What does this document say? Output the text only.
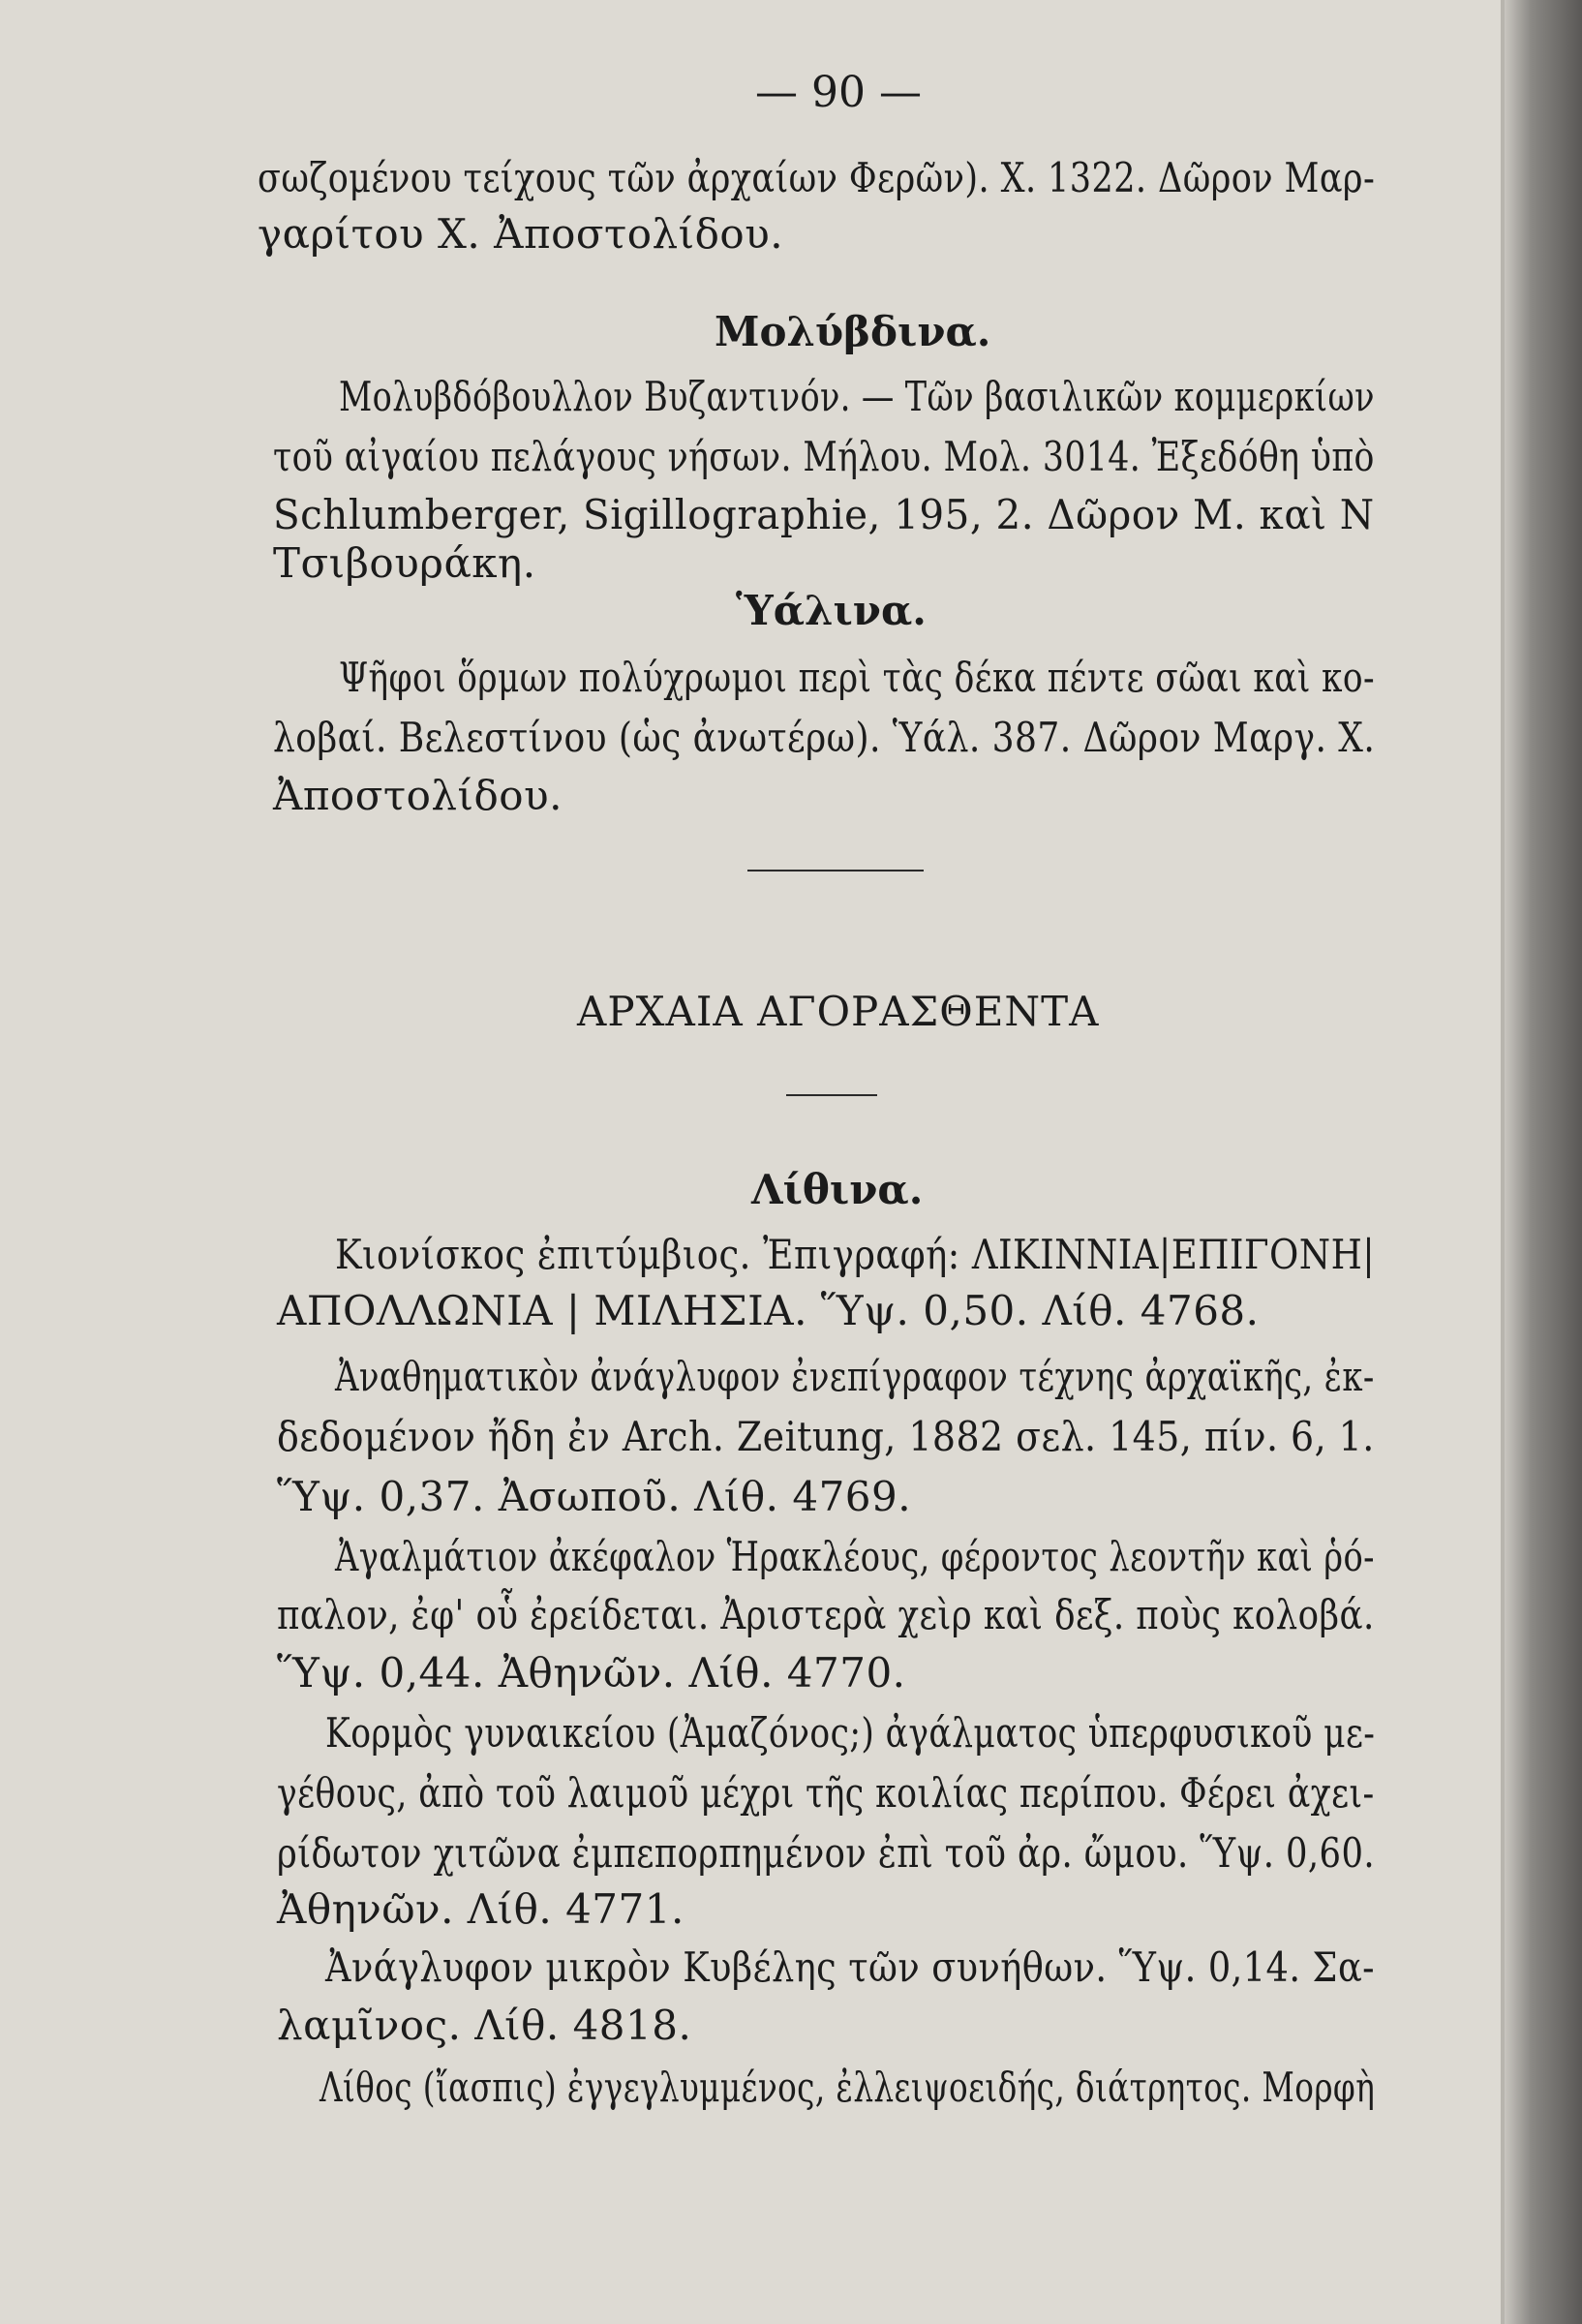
— 90 —
σωζομένου τείχους τῶν ἀρχαίων Φερῶν). Χ. 1322. Δῶρον Μαρ-
γαρίτου Χ. Ἀποστολίδου.
Μολύβδινα.
Μολυβδόβουλλον Βυζαντινόν. — Τῶν βασιλικῶν κομμερκίων
τοῦ αἰγαίου πελάγους νήσων. Μήλου. Μολ. 3014. Ἐξεδόθη ὑπὸ
Schlumberger, Sigillographie, 195, 2. Δῶρον Μ. καὶ Ν
Τσιβουράκη.
Ὑάλινα.
Ψῆφοι ὅρμων πολύχρωμοι περὶ τὰς δέκα πέντε σῶαι καὶ κο-
λοβαί. Βελεστίνου (ὡς ἀνωτέρω). Ὑάλ. 387. Δῶρον Μαργ. Χ.
Ἀποστολίδου.
ΑΡΧΑΙΑ ΑΓΟΡΑΣΘΕΝΤΑ
Λίθινα.
Κιονίσκος ἐπιτύμβιος. Ἐπιγραφή: ΛΙΚΙΝΝΙΑ|ΕΠΙΓΟΝΗ|
ΑΠΟΛΛΩΝΙΑ | ΜΙΛΗΣΙΑ. Ὕψ. 0,50. Λίθ. 4768.
Ἀναθηματικὸν ἀνάγλυφον ἐνεπίγραφον τέχνης ἀρχαϊκῆς, ἐκ-
δεδομένον ἤδη ἐν Arch. Zeitung, 1882 σελ. 145, πίν. 6, 1.
Ὕψ. 0,37. Ἀσωποῦ. Λίθ. 4769.
Ἀγαλμάτιον ἀκέφαλον Ἡρακλέους, φέροντος λεοντῆν καὶ ῥό-
παλον, ἐφ' οὗ ἐρείδεται. Ἀριστερὰ χεὶρ καὶ δεξ. ποὺς κολοβά.
Ὕψ. 0,44. Ἀθηνῶν. Λίθ. 4770.
Κορμὸς γυναικείου (Ἀμαζόνος;) ἀγάλματος ὑπερφυσικοῦ με-
γέθους, ἀπὸ τοῦ λαιμοῦ μέχρι τῆς κοιλίας περίπου. Φέρει ἀχει-
ρίδωτον χιτῶνα ἐμπεπορπημένον ἐπὶ τοῦ ἀρ. ὤμου. Ὕψ. 0,60.
Ἀθηνῶν. Λίθ. 4771.
Ἀνάγλυφον μικρὸν Κυβέλης τῶν συνήθων. Ὕψ. 0,14. Σα-
λαμῖνος. Λίθ. 4818.
Λίθος (ἴασπις) ἐγγεγλυμμένος, ἐλλειψοειδής, διάτρητος. Μορφὴ
